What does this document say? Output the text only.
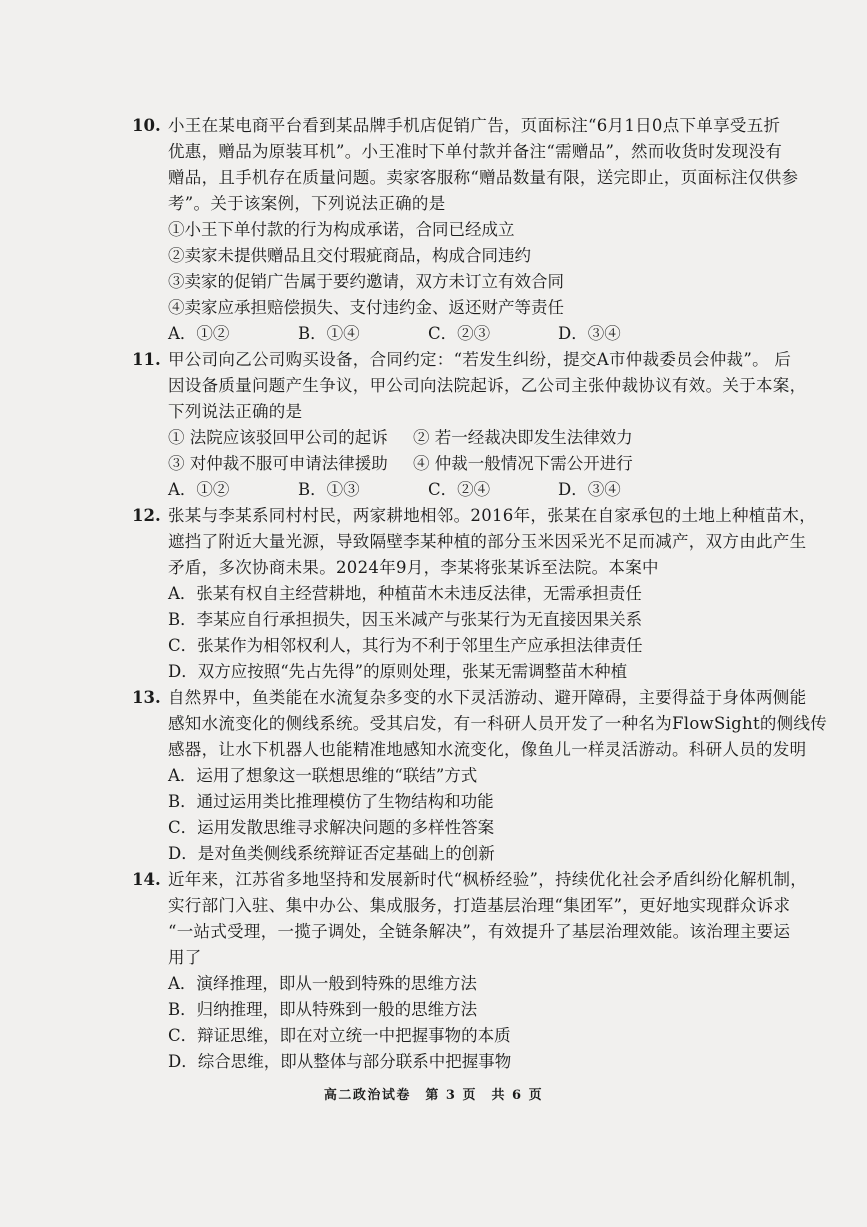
10. 小王在某电商平台看到某品牌手机店促销广告，页面标注“6月1日0点下单享受五折
优惠，赠品为原装耳机”。小王准时下单付款并备注“需赠品”，然而收货时发现没有
赠品，且手机存在质量问题。卖家客服称“赠品数量有限，送完即止，页面标注仅供参
考”。关于该案例，下列说法正确的是
①小王下单付款的行为构成承诺，合同已经成立
②卖家未提供赠品且交付瑕疵商品，构成合同违约
③卖家的促销广告属于要约邀请，双方未订立有效合同
④卖家应承担赔偿损失、支付违约金、返还财产等责任
A．①②	B．①④	C．②③	D．③④
11. 甲公司向乙公司购买设备，合同约定：“若发生纠纷，提交A市仲裁委员会仲裁”。 后
因设备质量问题产生争议，甲公司向法院起诉，乙公司主张仲裁协议有效。关于本案，
下列说法正确的是
① 法院应该驳回甲公司的起诉	② 若一经裁决即发生法律效力
③ 对仲裁不服可申请法律援助	④ 仲裁一般情况下需公开进行
A．①②	B．①③	C．②④	D．③④
12. 张某与李某系同村村民，两家耕地相邻。2016年，张某在自家承包的土地上种植苗木，
遮挡了附近大量光源，导致隔壁李某种植的部分玉米因采光不足而减产，双方由此产生
矛盾，多次协商未果。2024年9月，李某将张某诉至法院。本案中
A．张某有权自主经营耕地，种植苗木未违反法律，无需承担责任
B．李某应自行承担损失，因玉米减产与张某行为无直接因果关系
C．张某作为相邻权利人，其行为不利于邻里生产应承担法律责任
D．双方应按照“先占先得”的原则处理，张某无需调整苗木种植
13. 自然界中，鱼类能在水流复杂多变的水下灵活游动、避开障碍，主要得益于身体两侧能
感知水流变化的侧线系统。受其启发，有一科研人员开发了一种名为FlowSight的侧线传
感器，让水下机器人也能精准地感知水流变化，像鱼儿一样灵活游动。科研人员的发明
A．运用了想象这一联想思维的“联结”方式
B．通过运用类比推理模仿了生物结构和功能
C．运用发散思维寻求解决问题的多样性答案
D．是对鱼类侧线系统辩证否定基础上的创新
14. 近年来，江苏省多地坚持和发展新时代“枫桥经验”，持续优化社会矛盾纠纷化解机制，
实行部门入驻、集中办公、集成服务，打造基层治理“集团军”，更好地实现群众诉求
“一站式受理，一揽子调处，全链条解决”，有效提升了基层治理效能。该治理主要运
用了
A．演绎推理，即从一般到特殊的思维方法
B．归纳推理，即从特殊到一般的思维方法
C．辩证思维，即在对立统一中把握事物的本质
D．综合思维，即从整体与部分联系中把握事物
高二政治试卷　第 3 页　共 6 页
